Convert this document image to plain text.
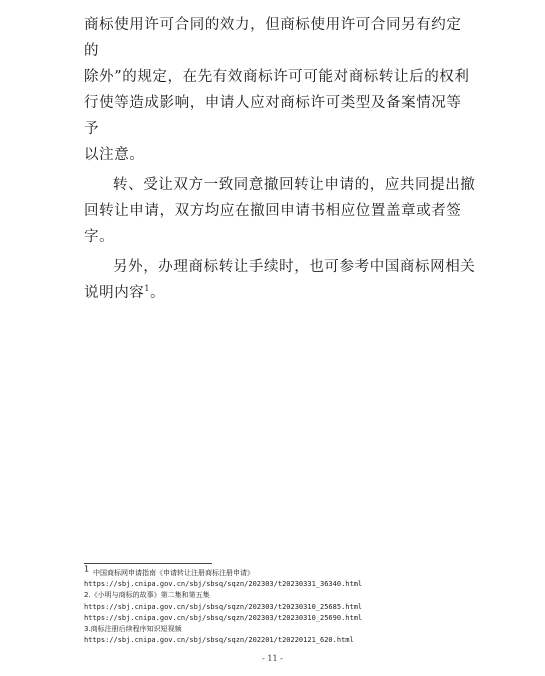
商标使用许可合同的效力，但商标使用许可合同另有约定的
除外”的规定，在先有效商标许可可能对商标转让后的权利
行使等造成影响，申请人应对商标许可类型及备案情况等予
以注意。

转、受让双方一致同意撤回转让申请的，应共同提出撤
回转让申请，双方均应在撤回申请书相应位置盖章或者签字。

另外，办理商标转让手续时，也可参考中国商标网相关
说明内容$^1$。

$^1$ 中国商标网申请指南《申请转让注册商标注册申请》
https://sbj.cnipa.gov.cn/sbj/sbsq/sqzn/202303/t20230331_36340.html
2.《小明与商标的故事》第二集和第五集
https://sbj.cnipa.gov.cn/sbj/sbsq/sqzn/202303/t20230310_25685.html
https://sbj.cnipa.gov.cn/sbj/sbsq/sqzn/202303/t20230310_25690.html
3.商标注册后续程序知识短视频
https://sbj.cnipa.gov.cn/sbj/sbsq/sqzn/202201/t20220121_620.html
- 11 -
